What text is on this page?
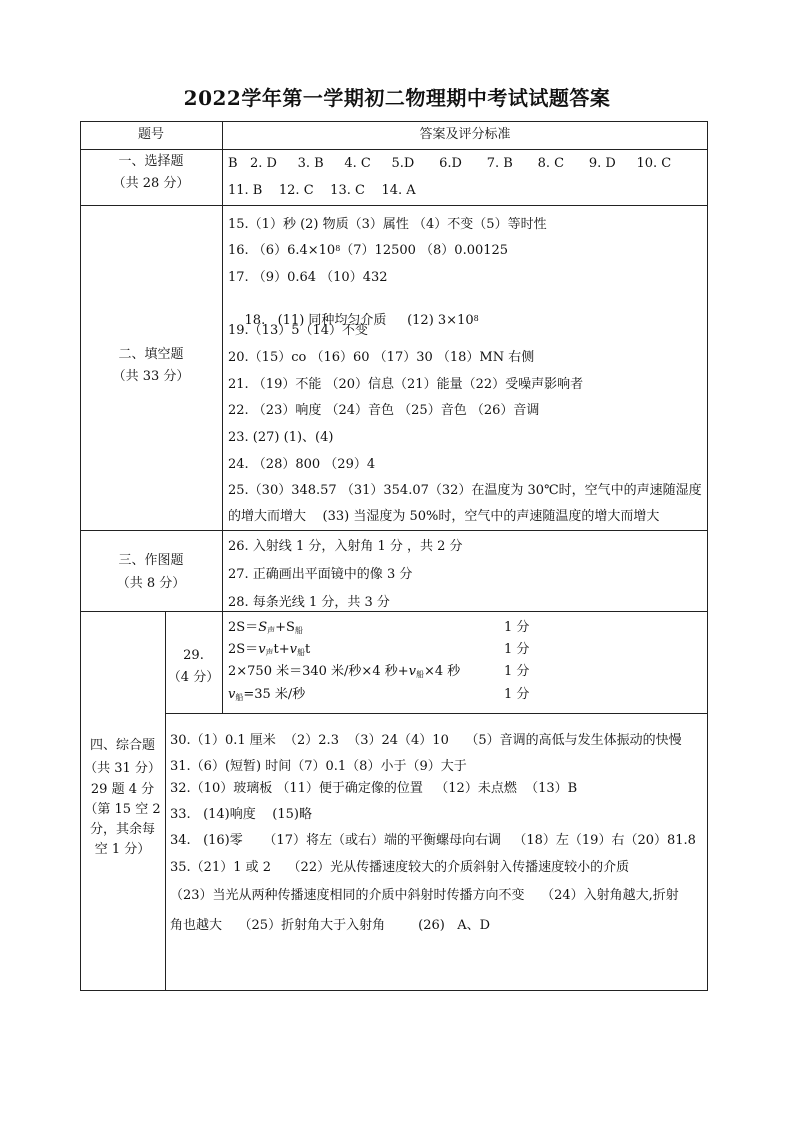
2022学年第一学期初二物理期中考试试题答案
题号	答案及评分标准
一、选择题
（共 28 分）
B   2. D     3. B     4. C     5.D      6.D      7. B      8. C      9. D     10. C
11. B    12. C    13. C    14. A
二、填空题
（共 33 分）
15.（1）秒 (2) 物质（3）属性 （4）不变（5）等时性
16. $(6)6.4\times 10^8(7)12500$ （8）0.00125
17. （9）0.64 （10）432

18.   (11) 同种均匀介质     (12) $3\times 10^8$

19.（13）5（14）不变
20.（15）co （16）60 （17）30 （18）MN 右侧
21. （19）不能 （20）信息（21）能量（22）受噪声影响者
22. （23）响度 （24）音色 （25）音色 （26）音调
23. (27) (1)、(4)
24. （28）800 （29）4
25.（30）348.57 （31）354.07（32）在温度为 30℃时，空气中的声速随湿度
的增大而增大    (33) 当湿度为 50%时，空气中的声速随温度的增大而增大
三、作图题
（共 8 分）
26. 入射线 1 分，入射角 1 分 ，共 2 分
27. 正确画出平面镜中的像 3 分
28. 每条光线 1 分，共 3 分
四、综合题
（共 31 分）
29 题 4 分
（第 15 空 2
分，其余每
空 1 分）
29.
（4 分）
$2S=S_声+S_船$	1 分
$2S=v_声t+v_船t$	1 分
2×750 米＝340 米/秒×4 秒$+v_船\times 4$ 秒	1 分
$v_船=35$ 米/秒	1 分
30.（1）0.1 厘米  （2）2.3  （3）24（4）10    （5）音调的高低与发生体振动的快慢
31.（6）(短暂) 时间（7）0.1（8）小于（9）大于
32.（10）玻璃板 （11）便于确定像的位置   （12）未点燃  （13）B
33.   (14)响度    (15)略
34.   (16)零     （17）将左（或右）端的平衡螺母向右调   （18）左（19）右（20）81.8
35.（21）1 或 2    （22）光从传播速度较大的介质斜射入传播速度较小的介质
（23）当光从两种传播速度相同的介质中斜射时传播方向不变    （24）入射角越大,折射
角也越大    （25）折射角大于入射角        (26)   A、D
